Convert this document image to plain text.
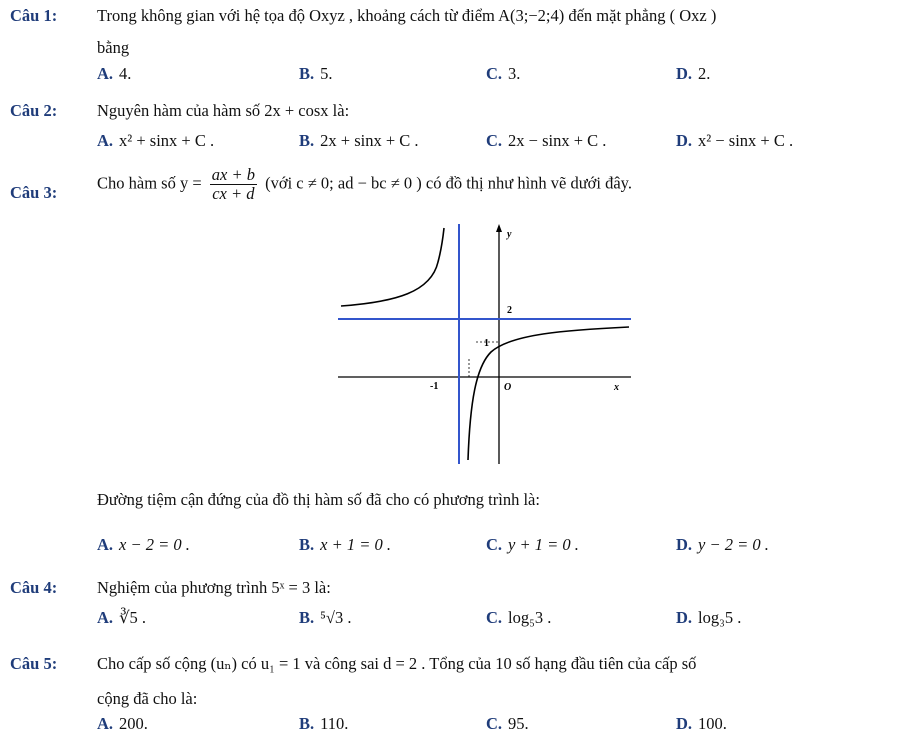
Câu 1: Trong không gian với hệ tọa độ Oxyz , khoảng cách từ điểm A(3;−2;4) đến mặt phẳng ( Oxz )
bằng
A. 4.	B. 5.	C. 3.	D. 2.
Câu 2: Nguyên hàm của hàm số 2x + cosx là:
A. x² + sinx + C .	B. 2x + sinx + C .	C. 2x − sinx + C .	D. x² − sinx + C .
Câu 3:
Cho hàm số $y = \frac{ax + b}{cx + d}$ (với c ≠ 0; ad − bc ≠ 0 ) có đồ thị như hình vẽ dưới đây.
y
x
O
2
1
-1
Đường tiệm cận đứng của đồ thị hàm số đã cho có phương trình là:
A. x − 2 = 0 .	B. x + 1 = 0 .	C. y + 1 = 0 .	D. y − 2 = 0 .
Câu 4: Nghiệm của phương trình 5ˣ = 3 là:
A. ∛5 .	B. ⁵√3 .	C. log₅3 .	D. log₃5 .
Câu 5: Cho cấp số cộng (uₙ) có u₁ = 1 và công sai d = 2 . Tổng của 10 số hạng đầu tiên của cấp số
cộng đã cho là:
A. 200.	B. 110.	C. 95.	D. 100.
